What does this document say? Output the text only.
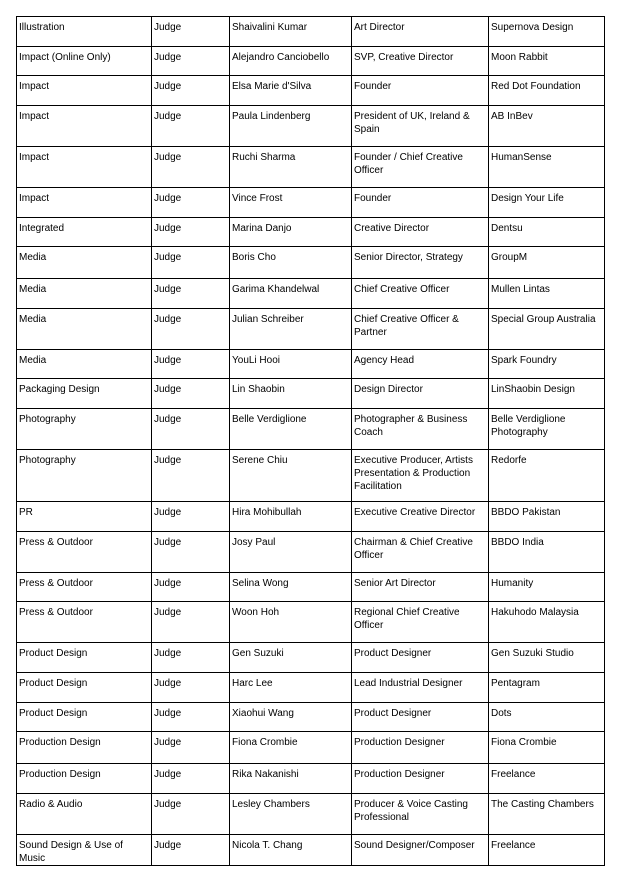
Illustration	Judge	Shaivalini Kumar	Art Director	Supernova Design
Impact (Online Only)	Judge	Alejandro Canciobello	SVP, Creative Director	Moon Rabbit
Impact	Judge	Elsa Marie d'Silva	Founder	Red Dot Foundation
Impact	Judge	Paula Lindenberg	President of UK, Ireland & Spain	AB InBev
Impact	Judge	Ruchi Sharma	Founder / Chief Creative Officer	HumanSense
Impact	Judge	Vince Frost	Founder	Design Your Life
Integrated	Judge	Marina Danjo	Creative Director	Dentsu
Media	Judge	Boris Cho	Senior Director, Strategy	GroupM
Media	Judge	Garima Khandelwal	Chief Creative Officer	Mullen Lintas
Media	Judge	Julian Schreiber	Chief Creative Officer & Partner	Special Group Australia
Media	Judge	YouLi Hooi	Agency Head	Spark Foundry
Packaging Design	Judge	Lin Shaobin	Design Director	LinShaobin Design
Photography	Judge	Belle Verdiglione	Photographer & Business Coach	Belle Verdiglione Photography
Photography	Judge	Serene Chiu	Executive Producer, Artists Presentation & Production Facilitation	Redorfe
PR	Judge	Hira Mohibullah	Executive Creative Director	BBDO Pakistan
Press & Outdoor	Judge	Josy Paul	Chairman & Chief Creative Officer	BBDO India
Press & Outdoor	Judge	Selina Wong	Senior Art Director	Humanity
Press & Outdoor	Judge	Woon Hoh	Regional Chief Creative Officer	Hakuhodo Malaysia
Product Design	Judge	Gen Suzuki	Product Designer	Gen Suzuki Studio
Product Design	Judge	Harc Lee	Lead Industrial Designer	Pentagram
Product Design	Judge	Xiaohui Wang	Product Designer	Dots
Production Design	Judge	Fiona Crombie	Production Designer	Fiona Crombie
Production Design	Judge	Rika Nakanishi	Production Designer	Freelance
Radio & Audio	Judge	Lesley Chambers	Producer & Voice Casting Professional	The Casting Chambers
Sound Design & Use of Music	Judge	Nicola T. Chang	Sound Designer/Composer	Freelance
